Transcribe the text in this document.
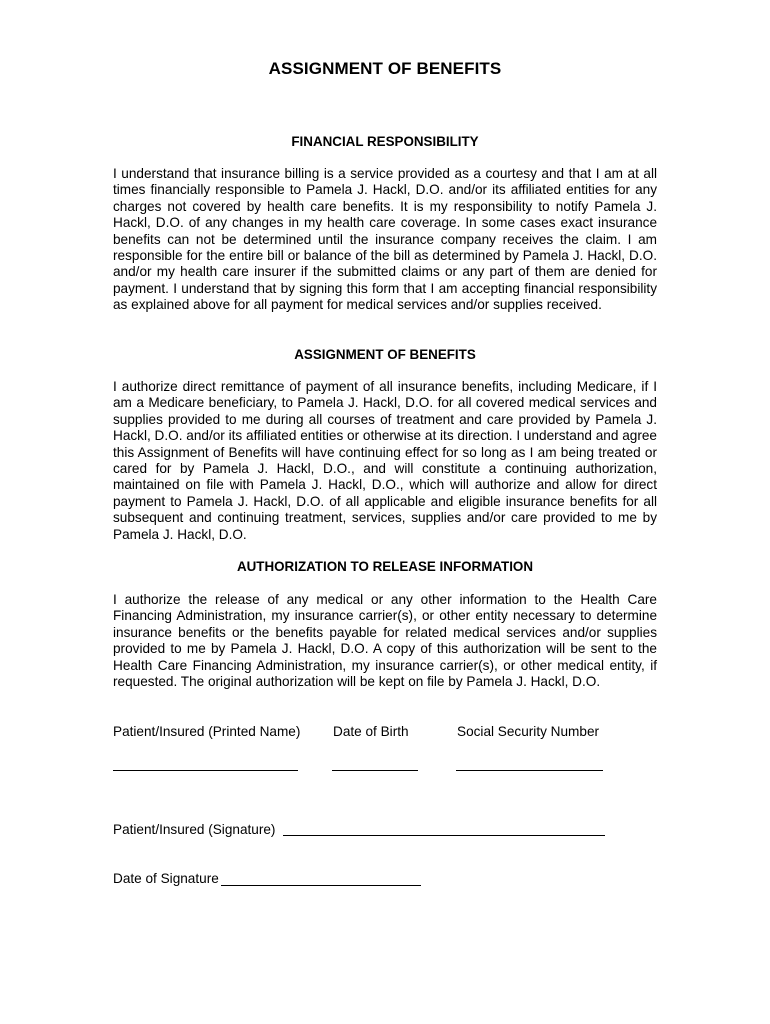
ASSIGNMENT OF BENEFITS
FINANCIAL RESPONSIBILITY
I understand that insurance billing is a service provided as a courtesy and that I am at all times financially responsible to Pamela J. Hackl, D.O. and/or its affiliated entities for any charges not covered by health care benefits. It is my responsibility to notify Pamela J. Hackl, D.O. of any changes in my health care coverage. In some cases exact insurance benefits can not be determined until the insurance company receives the claim. I am responsible for the entire bill or balance of the bill as determined by Pamela J. Hackl, D.O. and/or my health care insurer if the submitted claims or any part of them are denied for payment. I understand that by signing this form that I am accepting financial responsibility as explained above for all payment for medical services and/or supplies received.
ASSIGNMENT OF BENEFITS
I authorize direct remittance of payment of all insurance benefits, including Medicare, if I am a Medicare beneficiary, to Pamela J. Hackl, D.O. for all covered medical services and supplies provided to me during all courses of treatment and care provided by Pamela J. Hackl, D.O. and/or its affiliated entities or otherwise at its direction. I understand and agree this Assignment of Benefits will have continuing effect for so long as I am being treated or cared for by Pamela J. Hackl, D.O., and will constitute a continuing authorization, maintained on file with Pamela J. Hackl, D.O., which will authorize and allow for direct payment to Pamela J. Hackl, D.O. of all applicable and eligible insurance benefits for all subsequent and continuing treatment, services, supplies and/or care provided to me by Pamela J. Hackl, D.O.
AUTHORIZATION TO RELEASE INFORMATION
I authorize the release of any medical or any other information to the Health Care Financing Administration, my insurance carrier(s), or other entity necessary to determine insurance benefits or the benefits payable for related medical services and/or supplies provided to me by Pamela J. Hackl, D.O. A copy of this authorization will be sent to the Health Care Financing Administration, my insurance carrier(s), or other medical entity, if requested. The original authorization will be kept on file by Pamela J. Hackl, D.O.
Patient/Insured (Printed Name) Date of Birth	Social Security Number
Patient/Insured (Signature)
Date of Signature
